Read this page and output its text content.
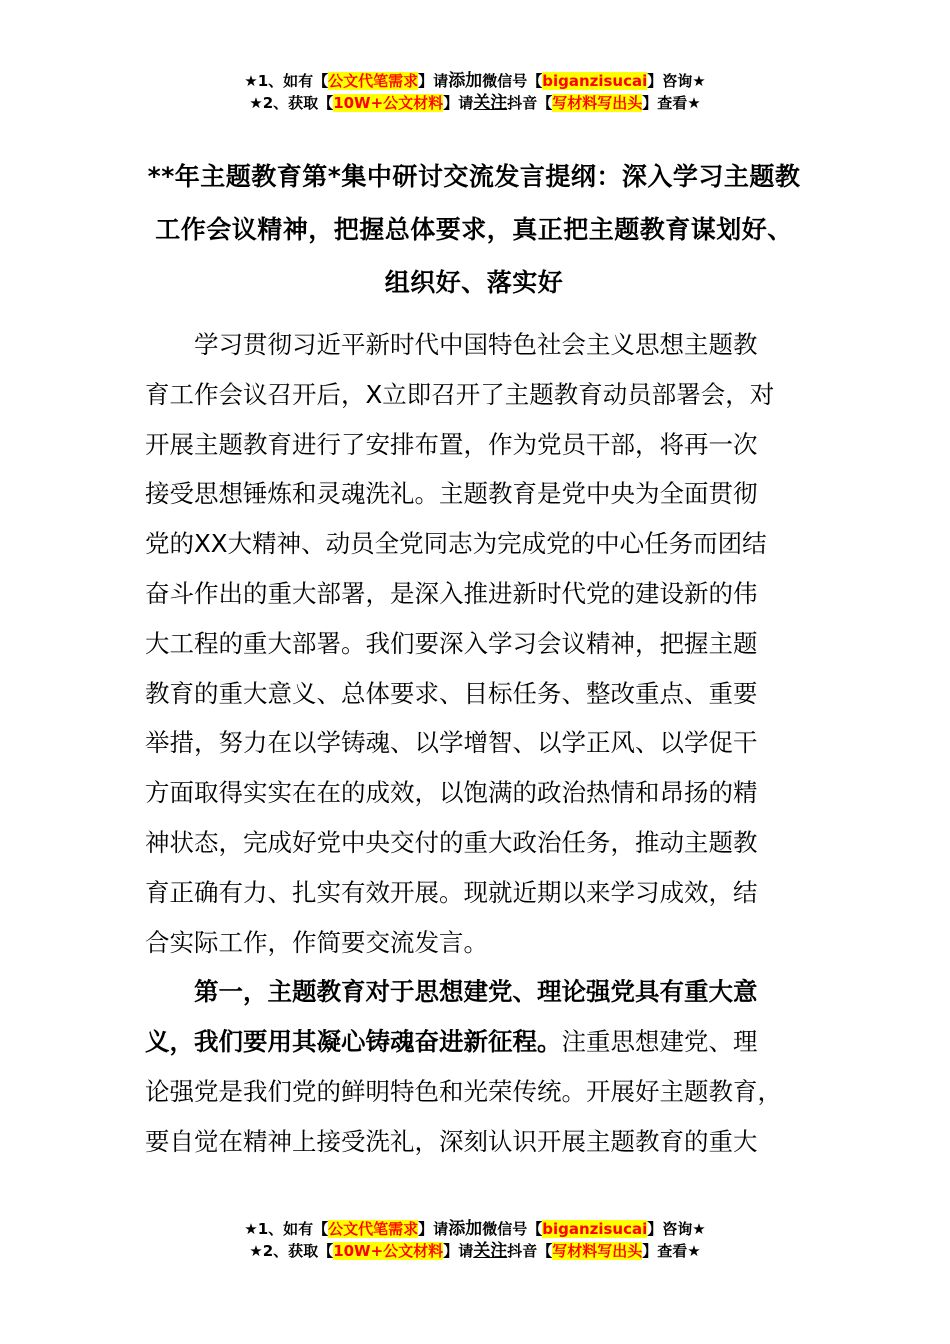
★1、如有【公文代笔需求】请添加微信号【biganzisucai】咨询★
★2、获取【10W+公文材料】请关注抖音【写材料写出头】查看★
**年主题教育第*集中研讨交流发言提纲：深入学习主题教
工作会议精神，把握总体要求，真正把主题教育谋划好、
组织好、落实好
学习贯彻习近平新时代中国特色社会主义思想主题教
育工作会议召开后，X立即召开了主题教育动员部署会，对
开展主题教育进行了安排布置，作为党员干部，将再一次
接受思想锤炼和灵魂洗礼。主题教育是党中央为全面贯彻
党的XX大精神、动员全党同志为完成党的中心任务而团结
奋斗作出的重大部署，是深入推进新时代党的建设新的伟
大工程的重大部署。我们要深入学习会议精神，把握主题
教育的重大意义、总体要求、目标任务、整改重点、重要
举措，努力在以学铸魂、以学增智、以学正风、以学促干
方面取得实实在在的成效，以饱满的政治热情和昂扬的精
神状态，完成好党中央交付的重大政治任务，推动主题教
育正确有力、扎实有效开展。现就近期以来学习成效，结
合实际工作，作简要交流发言。
第一，主题教育对于思想建党、理论强党具有重大意
义，我们要用其凝心铸魂奋进新征程。注重思想建党、理
论强党是我们党的鲜明特色和光荣传统。开展好主题教育，
要自觉在精神上接受洗礼，深刻认识开展主题教育的重大
★1、如有【公文代笔需求】请添加微信号【biganzisucai】咨询★
★2、获取【10W+公文材料】请关注抖音【写材料写出头】查看★
